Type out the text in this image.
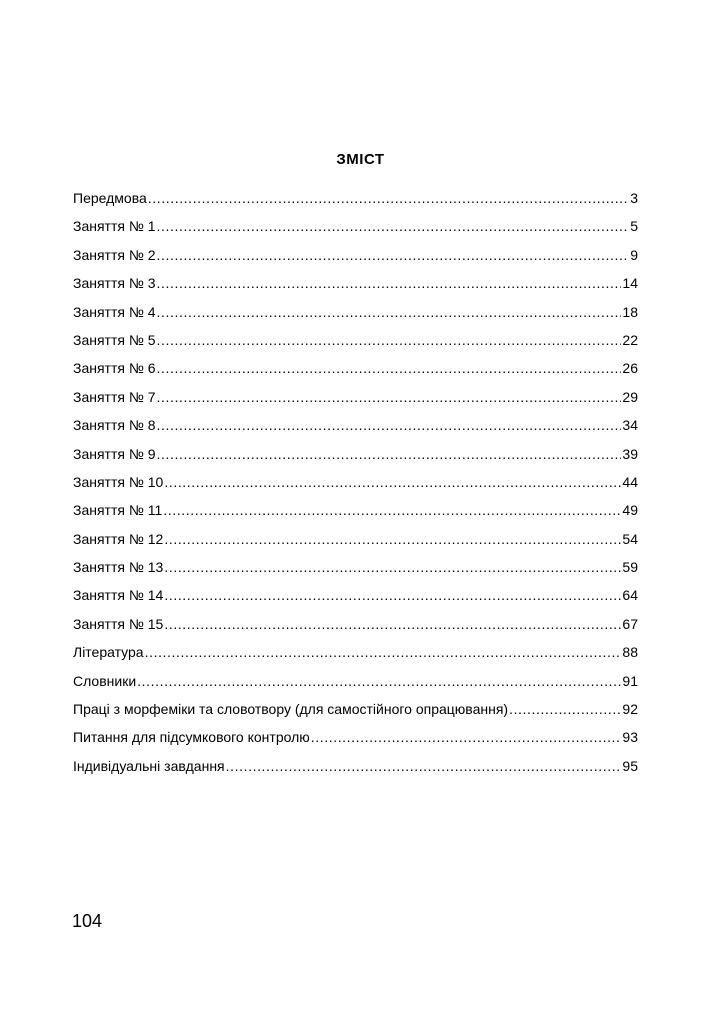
ЗМІСТ
Передмова .....	3
Заняття № 1 .....	5
Заняття № 2 .....	9
Заняття № 3 .....	14
Заняття № 4 .....	18
Заняття № 5 .....	22
Заняття № 6 .....	26
Заняття № 7 .....	29
Заняття № 8 .....	34
Заняття № 9 .....	39
Заняття № 10 .....	44
Заняття № 11 .....	49
Заняття № 12 .....	54
Заняття № 13 .....	59
Заняття № 14 .....	64
Заняття № 15 .....	67
Література .....	88
Словники .....	91
Праці з морфеміки та словотвору (для самостійного опрацювання) .....	92
Питання для підсумкового контролю .....	93
Індивідуальні завдання .....	95
104
